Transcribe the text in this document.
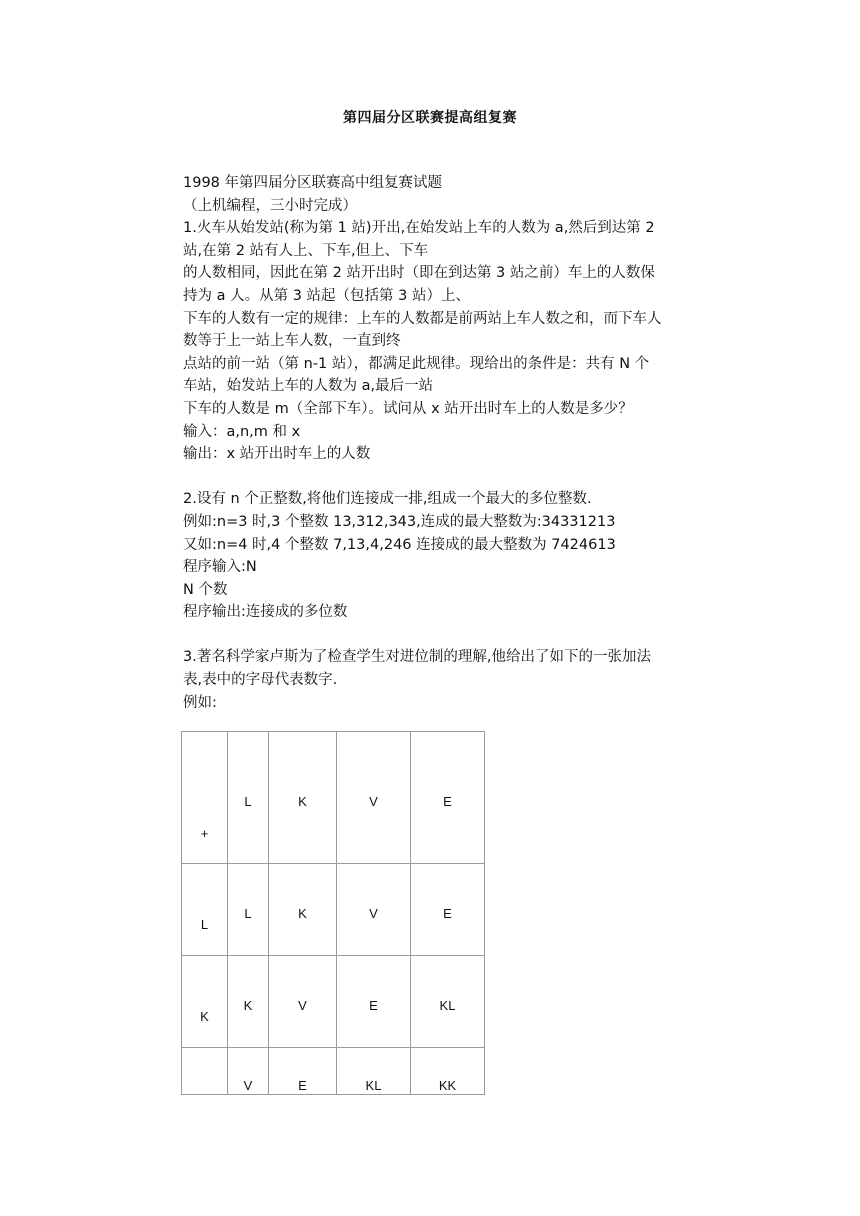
第四届分区联赛提高组复赛

1998 年第四届分区联赛高中组复赛试题

（上机编程，三小时完成）

1.火车从始发站(称为第 1 站)开出,在始发站上车的人数为 a,然后到达第 2

站,在第 2 站有人上、下车,但上、下车

的人数相同，因此在第 2 站开出时（即在到达第 3 站之前）车上的人数保

持为 a 人。从第 3 站起（包括第 3 站）上、

下车的人数有一定的规律：上车的人数都是前两站上车人数之和，而下车人

数等于上一站上车人数，一直到终

点站的前一站（第 n-1 站），都满足此规律。现给出的条件是：共有 N 个

车站，始发站上车的人数为 a,最后一站

下车的人数是 m（全部下车）。试问从 x 站开出时车上的人数是多少？

输入：a,n,m 和 x

输出：x 站开出时车上的人数

2.设有 n 个正整数,将他们连接成一排,组成一个最大的多位整数.

例如:n=3 时,3 个整数 13,312,343,连成的最大整数为:34331213

又如:n=4 时,4 个整数 7,13,4,246 连接成的最大整数为 7424613

程序输入:N

N 个数

程序输出:连接成的多位数

3.著名科学家卢斯为了检查学生对进位制的理解,他给出了如下的一张加法

表,表中的字母代表数字.

例如:

+	L	K	V	E

L	L	K	V	E

K	K	V	E	KL

	V	E	KL	KK
